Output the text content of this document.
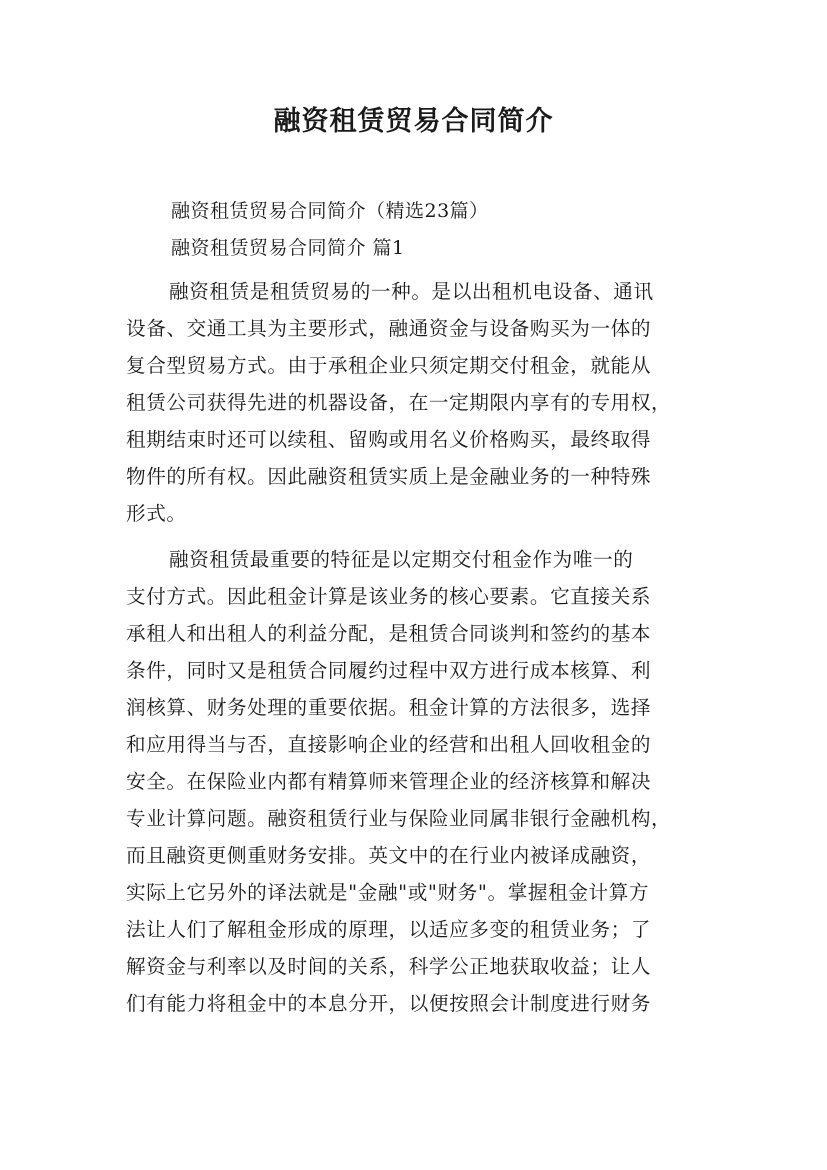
融资租赁贸易合同简介
融资租赁贸易合同简介（精选23篇）
融资租赁贸易合同简介 篇1
融资租赁是租赁贸易的一种。是以出租机电设备、通讯
设备、交通工具为主要形式，融通资金与设备购买为一体的
复合型贸易方式。由于承租企业只须定期交付租金，就能从
租赁公司获得先进的机器设备，在一定期限内享有的专用权，
租期结束时还可以续租、留购或用名义价格购买，最终取得
物件的所有权。因此融资租赁实质上是金融业务的一种特殊
形式。
融资租赁最重要的特征是以定期交付租金作为唯一的
支付方式。因此租金计算是该业务的核心要素。它直接关系
承租人和出租人的利益分配，是租赁合同谈判和签约的基本
条件，同时又是租赁合同履约过程中双方进行成本核算、利
润核算、财务处理的重要依据。租金计算的方法很多，选择
和应用得当与否，直接影响企业的经营和出租人回收租金的
安全。在保险业内都有精算师来管理企业的经济核算和解决
专业计算问题。融资租赁行业与保险业同属非银行金融机构，
而且融资更侧重财务安排。英文中的在行业内被译成融资，
实际上它另外的译法就是"金融"或"财务"。掌握租金计算方
法让人们了解租金形成的原理，以适应多变的租赁业务；了
解资金与利率以及时间的关系，科学公正地获取收益；让人
们有能力将租金中的本息分开，以便按照会计制度进行财务
